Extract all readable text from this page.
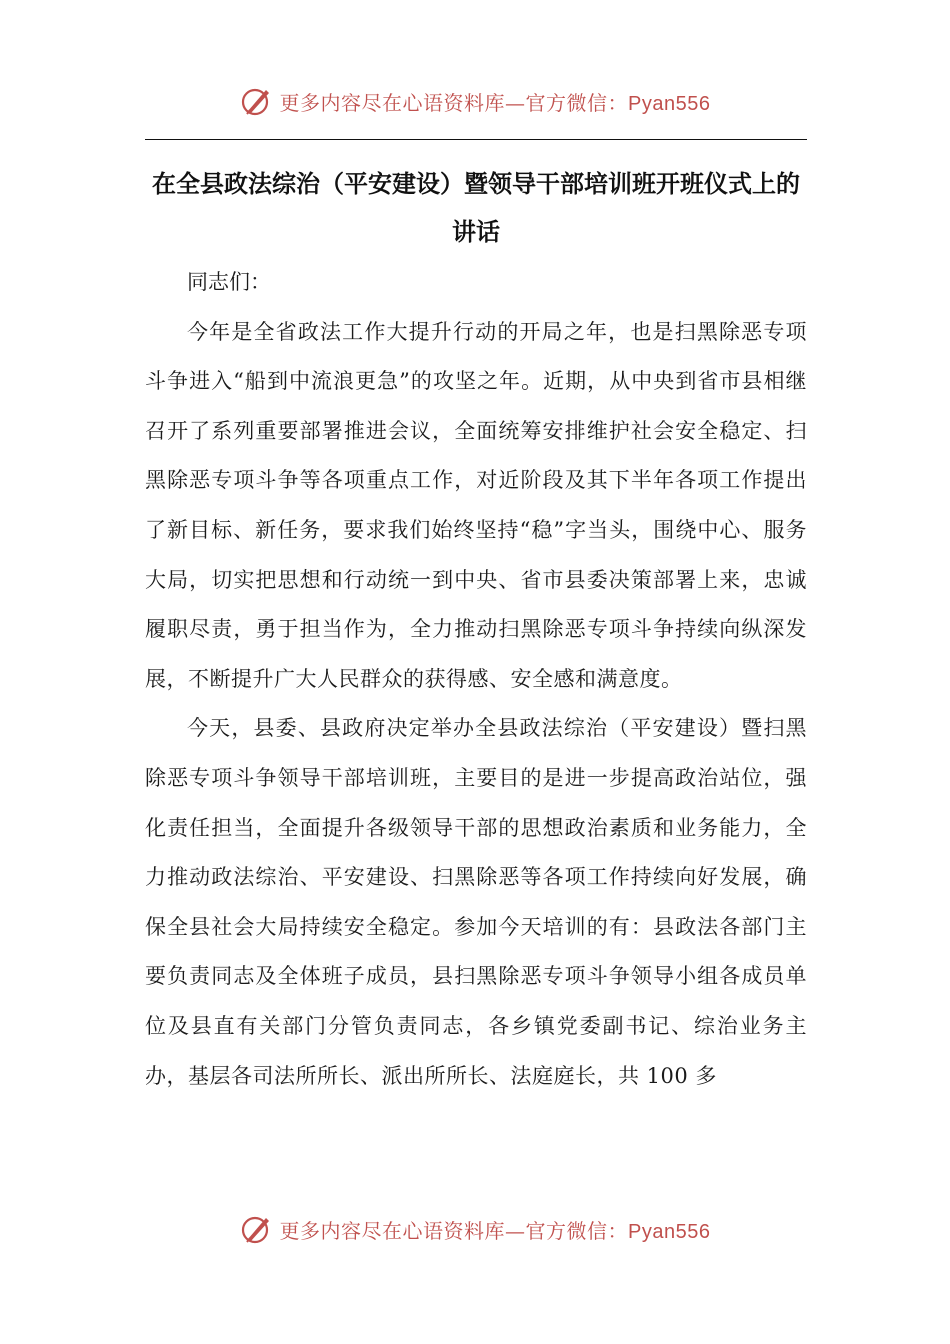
更多内容尽在心语资料库—官方微信：Pyan556
在全县政法综治（平安建设）暨领导干部培训班开班仪式上的讲话

同志们：

今年是全省政法工作大提升行动的开局之年，也是扫黑除恶专项斗争进入“船到中流浪更急”的攻坚之年。近期，从中央到省市县相继召开了系列重要部署推进会议，全面统筹安排维护社会安全稳定、扫黑除恶专项斗争等各项重点工作，对近阶段及其下半年各项工作提出了新目标、新任务，要求我们始终坚持“稳”字当头，围绕中心、服务大局，切实把思想和行动统一到中央、省市县委决策部署上来，忠诚履职尽责，勇于担当作为，全力推动扫黑除恶专项斗争持续向纵深发展，不断提升广大人民群众的获得感、安全感和满意度。

今天，县委、县政府决定举办全县政法综治（平安建设）暨扫黑除恶专项斗争领导干部培训班，主要目的是进一步提高政治站位，强化责任担当，全面提升各级领导干部的思想政治素质和业务能力，全力推动政法综治、平安建设、扫黑除恶等各项工作持续向好发展，确保全县社会大局持续安全稳定。参加今天培训的有：县政法各部门主要负责同志及全体班子成员，县扫黑除恶专项斗争领导小组各成员单位及县直有关部门分管负责同志，各乡镇党委副书记、综治业务主办，基层各司法所所长、派出所所长、法庭庭长，共 100 多

更多内容尽在心语资料库—官方微信：Pyan556
